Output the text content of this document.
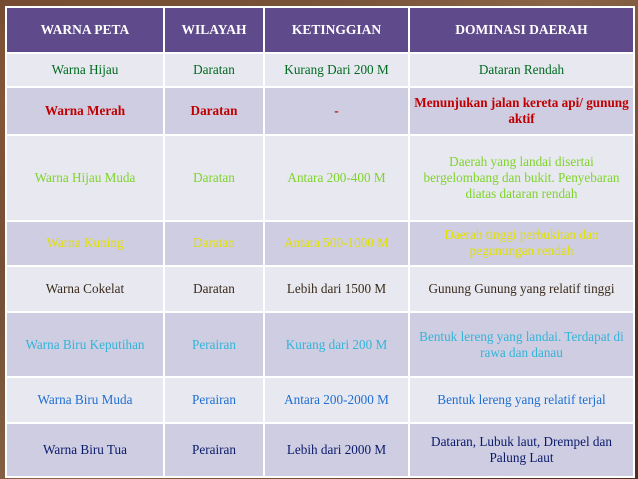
WARNA PETA	WILAYAH	KETINGGIAN	DOMINASI DAERAH
Warna Hijau	Daratan	Kurang Dari 200 M	Dataran Rendah
Warna Merah	Daratan	-	Menunjukan jalan kereta api/ gunung aktif
Warna Hijau Muda	Daratan	Antara 200-400 M	Daerah yang landai disertai bergelombang dan bukit. Penyebaran diatas dataran rendah
Warna Kuning	Daratan	Antara 500-1000 M	Daerah tinggi perbukitan dan pegunungan rendah
Warna Cokelat	Daratan	Lebih dari 1500 M	Gunung Gunung yang relatif tinggi
Warna Biru Keputihan	Perairan	Kurang dari 200 M	Bentuk lereng yang landai. Terdapat di rawa dan danau
Warna Biru Muda	Perairan	Antara 200-2000 M	Bentuk lereng yang relatif terjal
Warna Biru Tua	Perairan	Lebih dari 2000 M	Dataran, Lubuk laut, Drempel dan Palung Laut
